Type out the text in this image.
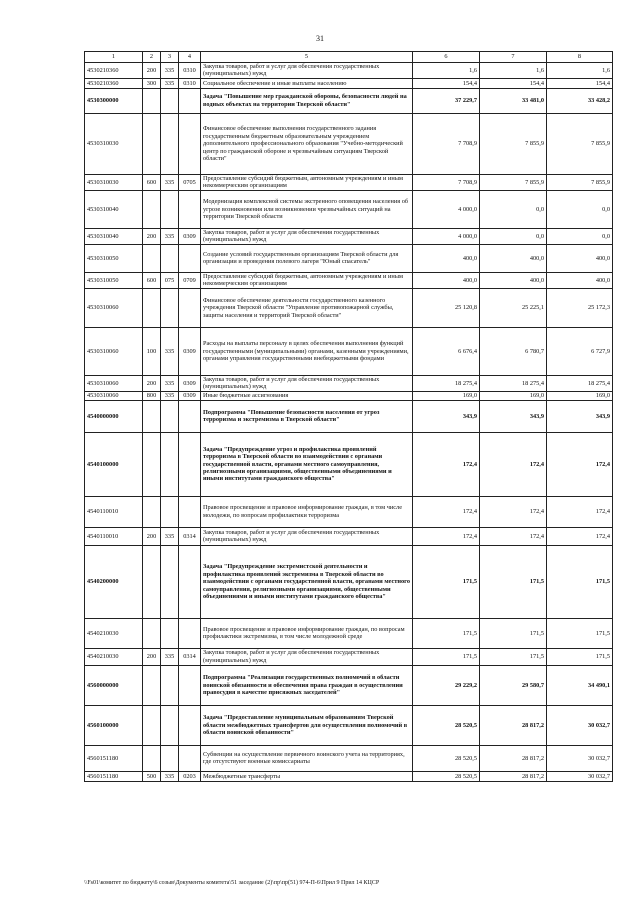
31
1	2	3	4	5	6	7	8
4530210360	200	335	0310	Закупка товаров, работ и услуг для обеспечения государственных (муниципальных) нужд	1,6	1,6	1,6
4530210360	300	335	0310	Социальное обеспечение и иные выплаты населению	154,4	154,4	154,4
4530300000				Задача "Повышение мер гражданской обороны, безопасности людей на водных объектах на территории Тверской области"	37 229,7	33 481,0	33 428,2
4530310030				Финансовое обеспечение выполнения государственного задания государственным бюджетным образовательным учреждением дополнительного профессионального образования "Учебно-методический центр по гражданской обороне и чрезвычайным ситуациям Тверской области"	7 708,9	7 855,9	7 855,9
4530310030	600	335	0705	Предоставление субсидий бюджетным, автономным учреждениям и иным некоммерческим организациям	7 708,9	7 855,9	7 855,9
4530310040				Модернизация комплексной системы экстренного оповещения населения об угрозе возникновения или возникновении чрезвычайных ситуаций на территории Тверской области	4 000,0	0,0	0,0
4530310040	200	335	0309	Закупка товаров, работ и услуг для обеспечения государственных (муниципальных) нужд	4 000,0	0,0	0,0
4530310050				Создание условий государственным организациям Тверской области для организации и проведения полевого лагеря "Юный спасатель"	400,0	400,0	400,0
4530310050	600	075	0709	Предоставление субсидий бюджетным, автономным учреждениям и иным некоммерческим организациям	400,0	400,0	400,0
4530310060				Финансовое обеспечение деятельности государственного казенного учреждения Тверской области "Управление противопожарной службы, защиты населения и территорий Тверской области"	25 120,8	25 225,1	25 172,3
4530310060	100	335	0309	Расходы на выплаты персоналу в целях обеспечения выполнения функций государственными (муниципальными) органами, казенными учреждениями, органами управления государственными внебюджетными фондами	6 676,4	6 780,7	6 727,9
4530310060	200	335	0309	Закупка товаров, работ и услуг для обеспечения государственных (муниципальных) нужд	18 275,4	18 275,4	18 275,4
4530310060	800	335	0309	Иные бюджетные ассигнования	169,0	169,0	169,0
4540000000				Подпрограмма "Повышение безопасности населения от угроз терроризма и экстремизма в Тверской области"	343,9	343,9	343,9
4540100000				Задача "Предупреждение угроз и профилактика проявлений терроризма в Тверской области во взаимодействии с органами государственной власти, органами местного самоуправления, религиозными организациями, общественными объединениями и иными институтами гражданского общества"	172,4	172,4	172,4
4540110010				Правовое просвещение и правовое информирование граждан, в том числе молодежи, по вопросам профилактики терроризма	172,4	172,4	172,4
4540110010	200	335	0314	Закупка товаров, работ и услуг для обеспечения государственных (муниципальных) нужд	172,4	172,4	172,4
4540200000				Задача "Предупреждение экстремистской деятельности и профилактика проявлений экстремизма в Тверской области во взаимодействии с органами государственной власти, органами местного самоуправления, религиозными организациями, общественными объединениями и иными институтами гражданского общества"	171,5	171,5	171,5
4540210030				Правовое просвещение и правовое информирование граждан, по вопросам профилактики экстремизма, в том числе молодежной среде	171,5	171,5	171,5
4540210030	200	335	0314	Закупка товаров, работ и услуг для обеспечения государственных (муниципальных) нужд	171,5	171,5	171,5
4560000000				Подпрограмма "Реализация государственных полномочий в области воинской обязанности и обеспечения права граждан в осуществлении правосудия в качестве присяжных заседателей"	29 229,2	29 580,7	34 490,1
4560100000				Задача "Предоставление муниципальным образованиям Тверской области межбюджетных трансфертов для осуществления полномочий в области воинской обязанности"	28 520,5	28 817,2	30 032,7
4560151180				Субвенции на осуществление первичного воинского учета на территориях, где отсутствуют военные комиссариаты	28 520,5	28 817,2	30 032,7
4560151180	500	335	0203	Межбюджетные трансферты	28 520,5	28 817,2	30 032,7
\\Fs01\комитет по бюджету\6 созыв\Документы комитета\51 заседание (2)\пр\пр(51) 974-П-6\Прил 9 Прил 14 КЦСР
